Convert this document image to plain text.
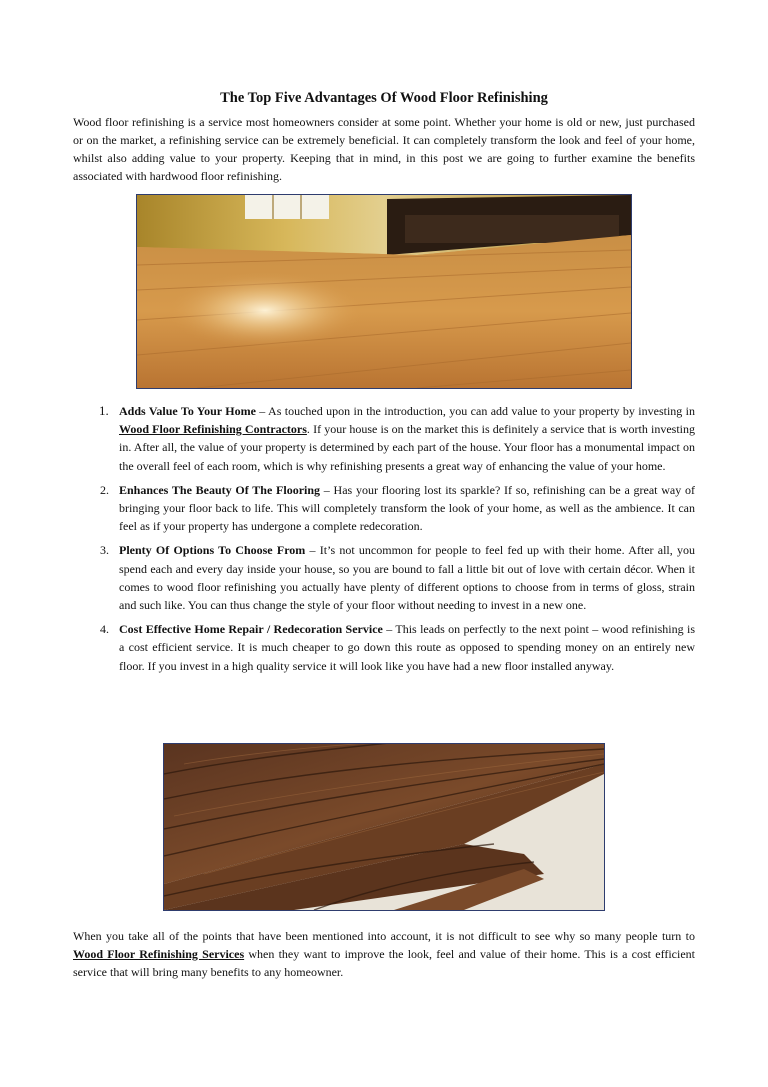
The Top Five Advantages Of Wood Floor Refinishing

Wood floor refinishing is a service most homeowners consider at some point. Whether your home is old or new, just purchased or on the market, a refinishing service can be extremely beneficial. It can completely transform the look and feel of your home, whilst also adding value to your property. Keeping that in mind, in this post we are going to further examine the benefits associated with hardwood floor refinishing.

1. Adds Value To Your Home – As touched upon in the introduction, you can add value to your property by investing in Wood Floor Refinishing Contractors. If your house is on the market this is definitely a service that is worth investing in. After all, the value of your property is determined by each part of the house. Your floor has a monumental impact on the overall feel of each room, which is why refinishing presents a great way of enhancing the value of your home.
2. Enhances The Beauty Of The Flooring – Has your flooring lost its sparkle? If so, refinishing can be a great way of bringing your floor back to life. This will completely transform the look of your home, as well as the ambience. It can feel as if your property has undergone a complete redecoration.
3. Plenty Of Options To Choose From – It’s not uncommon for people to feel fed up with their home. After all, you spend each and every day inside your house, so you are bound to fall a little bit out of love with certain décor. When it comes to wood floor refinishing you actually have plenty of different options to choose from in terms of gloss, strain and such like. You can thus change the style of your floor without needing to invest in a new one.
4. Cost Effective Home Repair / Redecoration Service – This leads on perfectly to the next point – wood refinishing is a cost efficient service. It is much cheaper to go down this route as opposed to spending money on an entirely new floor. If you invest in a high quality service it will look like you have had a new floor installed anyway.

When you take all of the points that have been mentioned into account, it is not difficult to see why so many people turn to Wood Floor Refinishing Services when they want to improve the look, feel and value of their home. This is a cost efficient service that will bring many benefits to any homeowner.
